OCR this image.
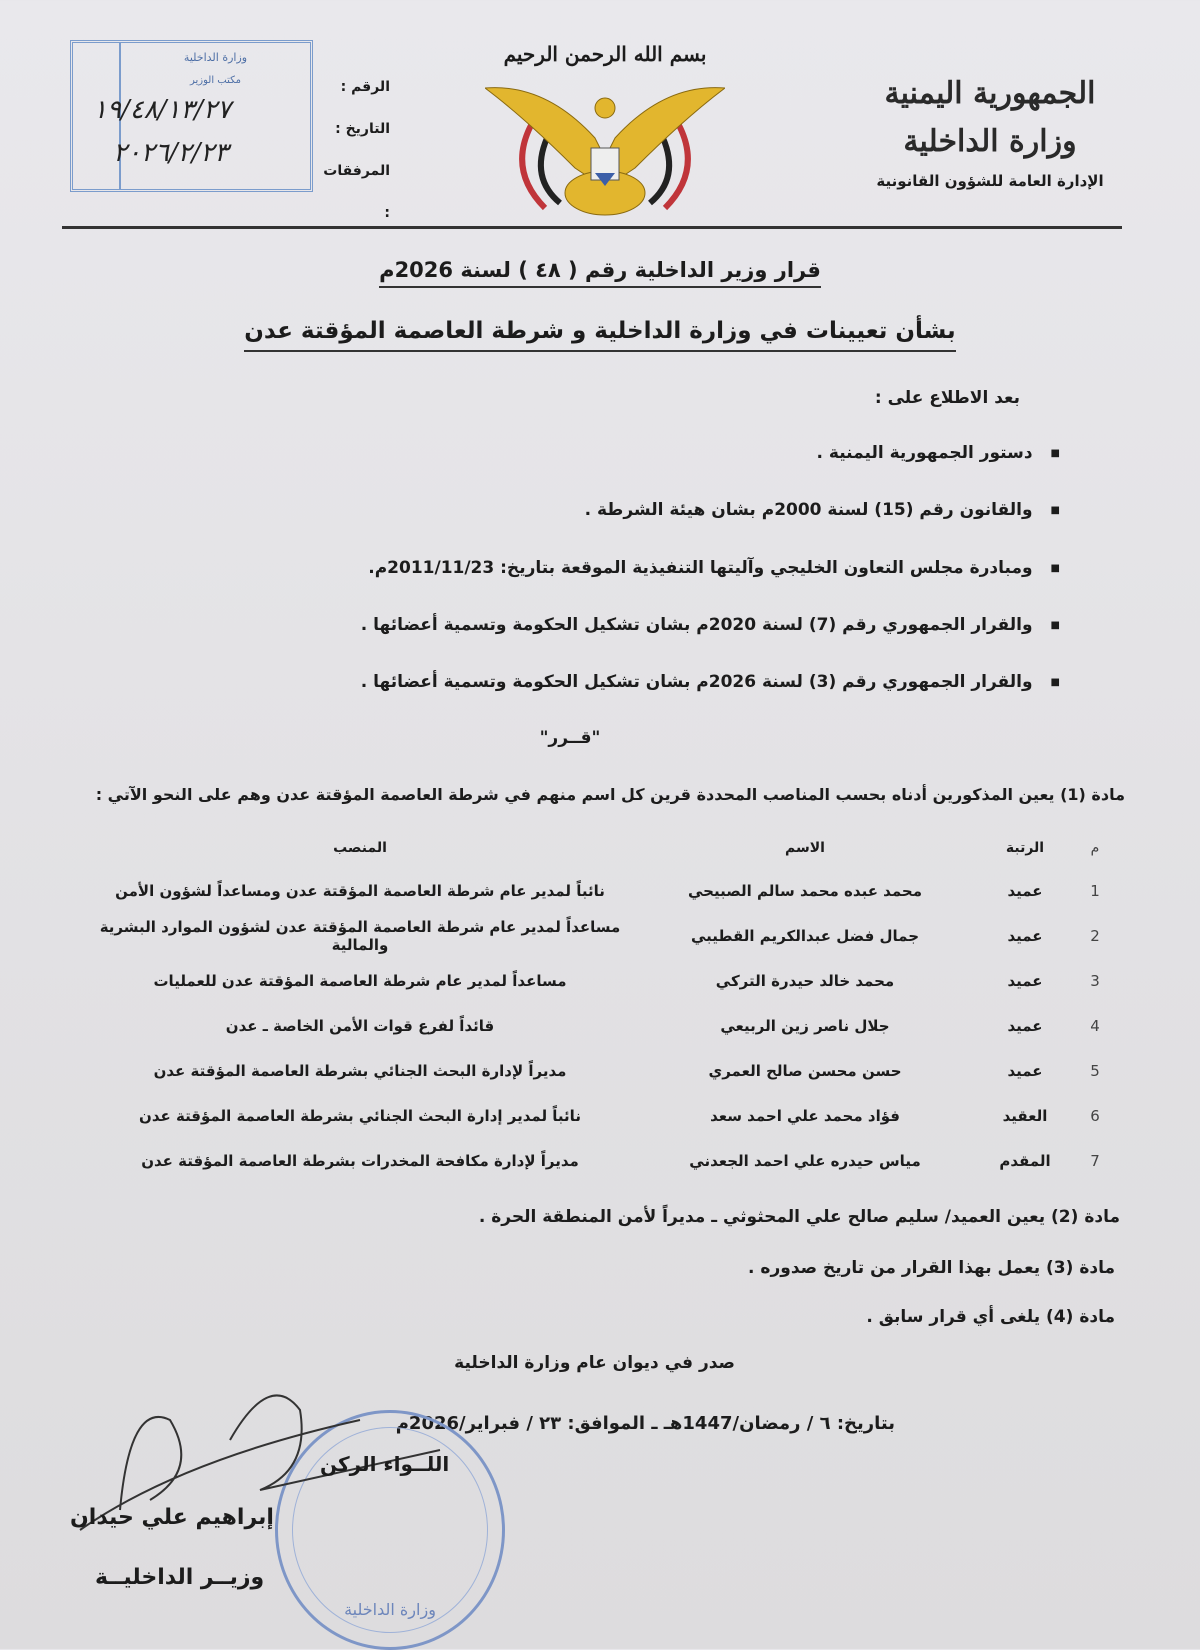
الجمهورية اليمنية
وزارة الداخلية
الإدارة العامة للشؤون القانونية
بسم الله الرحمن الرحيم
الرقم :
التاريخ :
المرفقات :
وزارة الداخلية
مكتب الوزير
١٩/٤٨/١٣/٢٧
٢٠٢٦/٢/٢٣
قرار وزير الداخلية رقم ( ٤٨ ) لسنة 2026م
بشأن تعيينات في وزارة الداخلية و شرطة العاصمة المؤقتة عدن
بعد الاطلاع على :
■ دستور الجمهورية اليمنية .
■ والقانون رقم (15) لسنة 2000م بشان هيئة الشرطة .
■ ومبادرة مجلس التعاون الخليجي وآليتها التنفيذية الموقعة بتاريخ: 2011/11/23م.
■ والقرار الجمهوري رقم (7) لسنة 2020م بشان تشكيل الحكومة وتسمية أعضائها .
■ والقرار الجمهوري رقم (3) لسنة 2026م بشان تشكيل الحكومة وتسمية أعضائها .
"قــرر"
مادة (1) يعين المذكورين أدناه بحسب المناصب المحددة قرين كل اسم منهم في شرطة العاصمة المؤقتة عدن وهم على النحو الآتي :
م	الرتبة	الاسم	المنصب
1	عميد	محمد عبده محمد سالم الصبيحي	نائباً لمدير عام شرطة العاصمة المؤقتة عدن ومساعداً لشؤون الأمن
2	عميد	جمال فضل عبدالكريم القطيبي	مساعداً لمدير عام شرطة العاصمة المؤقتة عدن لشؤون الموارد البشرية والمالية
3	عميد	محمد خالد حيدرة التركي	مساعداً لمدير عام شرطة العاصمة المؤقتة عدن للعمليات
4	عميد	جلال ناصر زين الربيعي	قائداً لفرع قوات الأمن الخاصة ـ عدن
5	عميد	حسن محسن صالح العمري	مديراً لإدارة البحث الجنائي بشرطة العاصمة المؤقتة عدن
6	العقيد	فؤاد محمد علي احمد سعد	نائباً لمدير إدارة البحث الجنائي بشرطة العاصمة المؤقتة عدن
7	المقدم	مياس حيدره علي احمد الجعدني	مديراً لإدارة مكافحة المخدرات بشرطة العاصمة المؤقتة عدن
مادة (2) يعين العميد/ سليم صالح علي المحثوثي ـ مديراً لأمن المنطقة الحرة .
مادة (3) يعمل بهذا القرار من تاريخ صدوره .
مادة (4) يلغى أي قرار سابق .
صدر في ديوان عام وزارة الداخلية
بتاريخ: ٦ / رمضان/1447هـ ـ الموافق: ٢٣ / فبراير/2026م
وزارة الداخلية
اللــواء الركن
إبراهيم علي حيدان
وزيــر الداخليــة
